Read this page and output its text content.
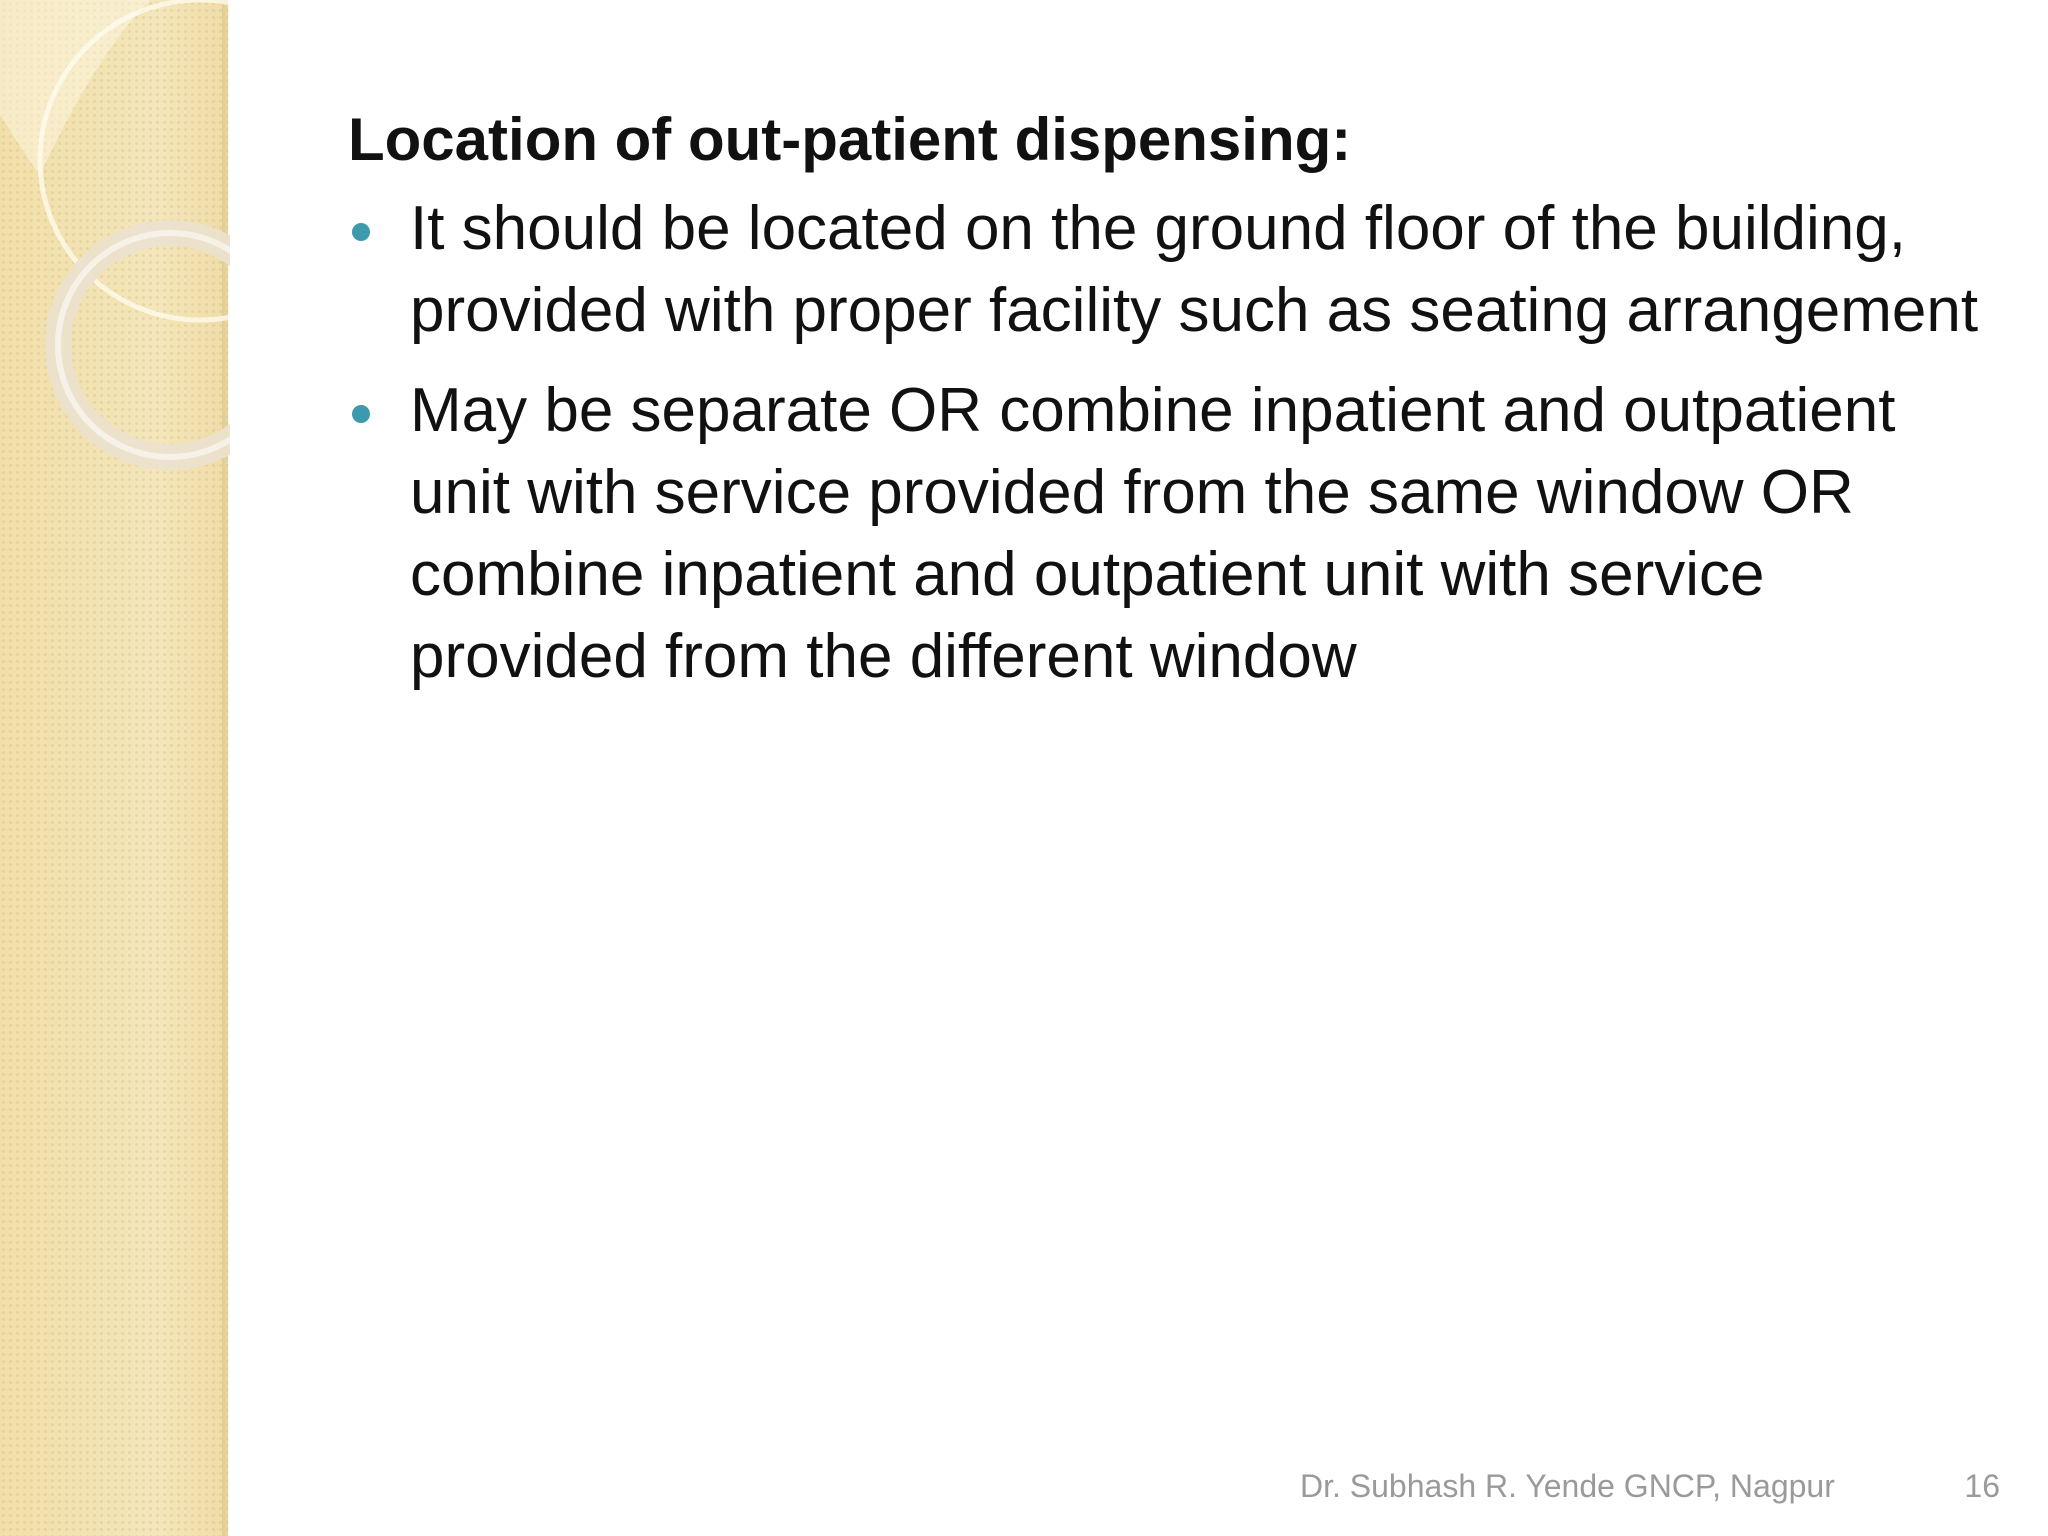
Location of out-patient dispensing:
It should be located on the ground floor of the building, provided with proper facility such as seating arrangement
May be separate OR combine inpatient and outpatient unit with service provided from the same window OR combine inpatient and outpatient unit with service provided from the different window
Dr. Subhash R. Yende GNCP, Nagpur	16
